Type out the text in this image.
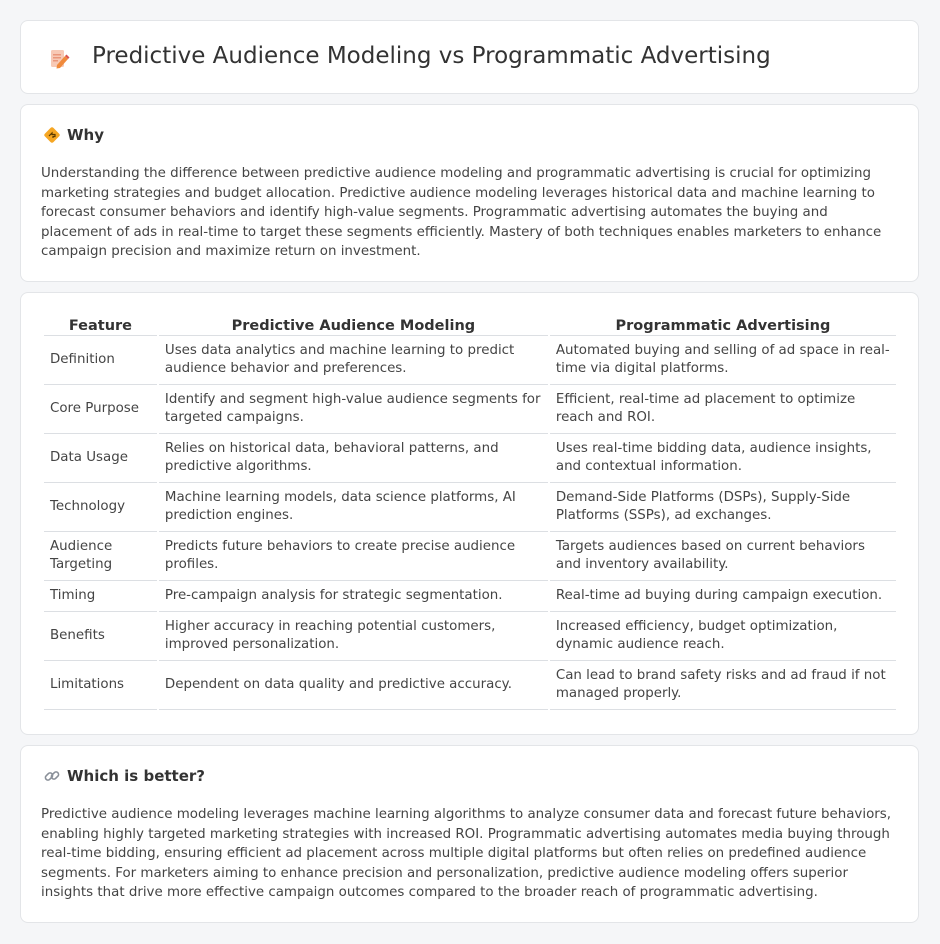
Predictive Audience Modeling vs Programmatic Advertising
Why

Understanding the difference between predictive audience modeling and programmatic advertising is crucial for optimizing marketing strategies and budget allocation. Predictive audience modeling leverages historical data and machine learning to forecast consumer behaviors and identify high-value segments. Programmatic advertising automates the buying and placement of ads in real-time to target these segments efficiently. Mastery of both techniques enables marketers to enhance campaign precision and maximize return on investment.

Feature	Predictive Audience Modeling	Programmatic Advertising
Definition	Uses data analytics and machine learning to predict audience behavior and preferences.	Automated buying and selling of ad space in real-time via digital platforms.
Core Purpose	Identify and segment high-value audience segments for targeted campaigns.	Efficient, real-time ad placement to optimize reach and ROI.
Data Usage	Relies on historical data, behavioral patterns, and predictive algorithms.	Uses real-time bidding data, audience insights, and contextual information.
Technology	Machine learning models, data science platforms, AI prediction engines.	Demand-Side Platforms (DSPs), Supply-Side Platforms (SSPs), ad exchanges.
Audience Targeting	Predicts future behaviors to create precise audience profiles.	Targets audiences based on current behaviors and inventory availability.
Timing	Pre-campaign analysis for strategic segmentation.	Real-time ad buying during campaign execution.
Benefits	Higher accuracy in reaching potential customers, improved personalization.	Increased efficiency, budget optimization, dynamic audience reach.
Limitations	Dependent on data quality and predictive accuracy.	Can lead to brand safety risks and ad fraud if not managed properly.
Which is better?

Predictive audience modeling leverages machine learning algorithms to analyze consumer data and forecast future behaviors, enabling highly targeted marketing strategies with increased ROI. Programmatic advertising automates media buying through real-time bidding, ensuring efficient ad placement across multiple digital platforms but often relies on predefined audience segments. For marketers aiming to enhance precision and personalization, predictive audience modeling offers superior insights that drive more effective campaign outcomes compared to the broader reach of programmatic advertising.
